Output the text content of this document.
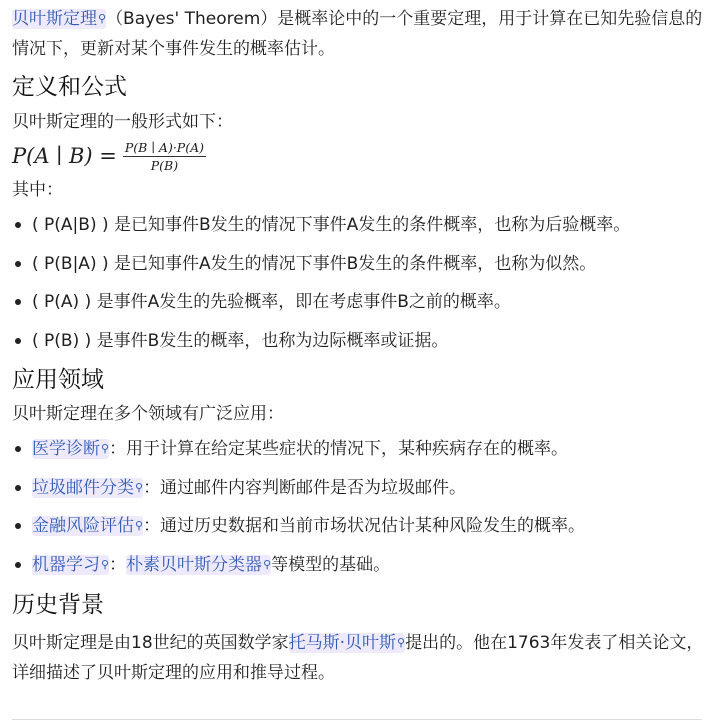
贝叶斯定理⚲（Bayes' Theorem）是概率论中的一个重要定理，用于计算在已知先验信息的情况下，更新对某个事件发生的概率估计。

定义和公式

贝叶斯定理的一般形式如下：

P(A ∣ $B) = \frac{P(B ∣ A)\cdot P(A)}{P(B)}$

其中：

( P(A|B) ) 是已知事件B发生的情况下事件A发生的条件概率，也称为后验概率。
( P(B|A) ) 是已知事件A发生的情况下事件B发生的条件概率，也称为似然。
( P(A) ) 是事件A发生的先验概率，即在考虑事件B之前的概率。
( P(B) ) 是事件B发生的概率，也称为边际概率或证据。
应用领域

贝叶斯定理在多个领域有广泛应用：

医学诊断⚲：用于计算在给定某些症状的情况下，某种疾病存在的概率。
垃圾邮件分类⚲：通过邮件内容判断邮件是否为垃圾邮件。
金融风险评估⚲：通过历史数据和当前市场状况估计某种风险发生的概率。
机器学习⚲：朴素贝叶斯分类器⚲等模型的基础。
历史背景

贝叶斯定理是由18世纪的英国数学家托马斯·贝叶斯⚲提出的。他在1763年发表了相关论文，详细描述了贝叶斯定理的应用和推导过程。
